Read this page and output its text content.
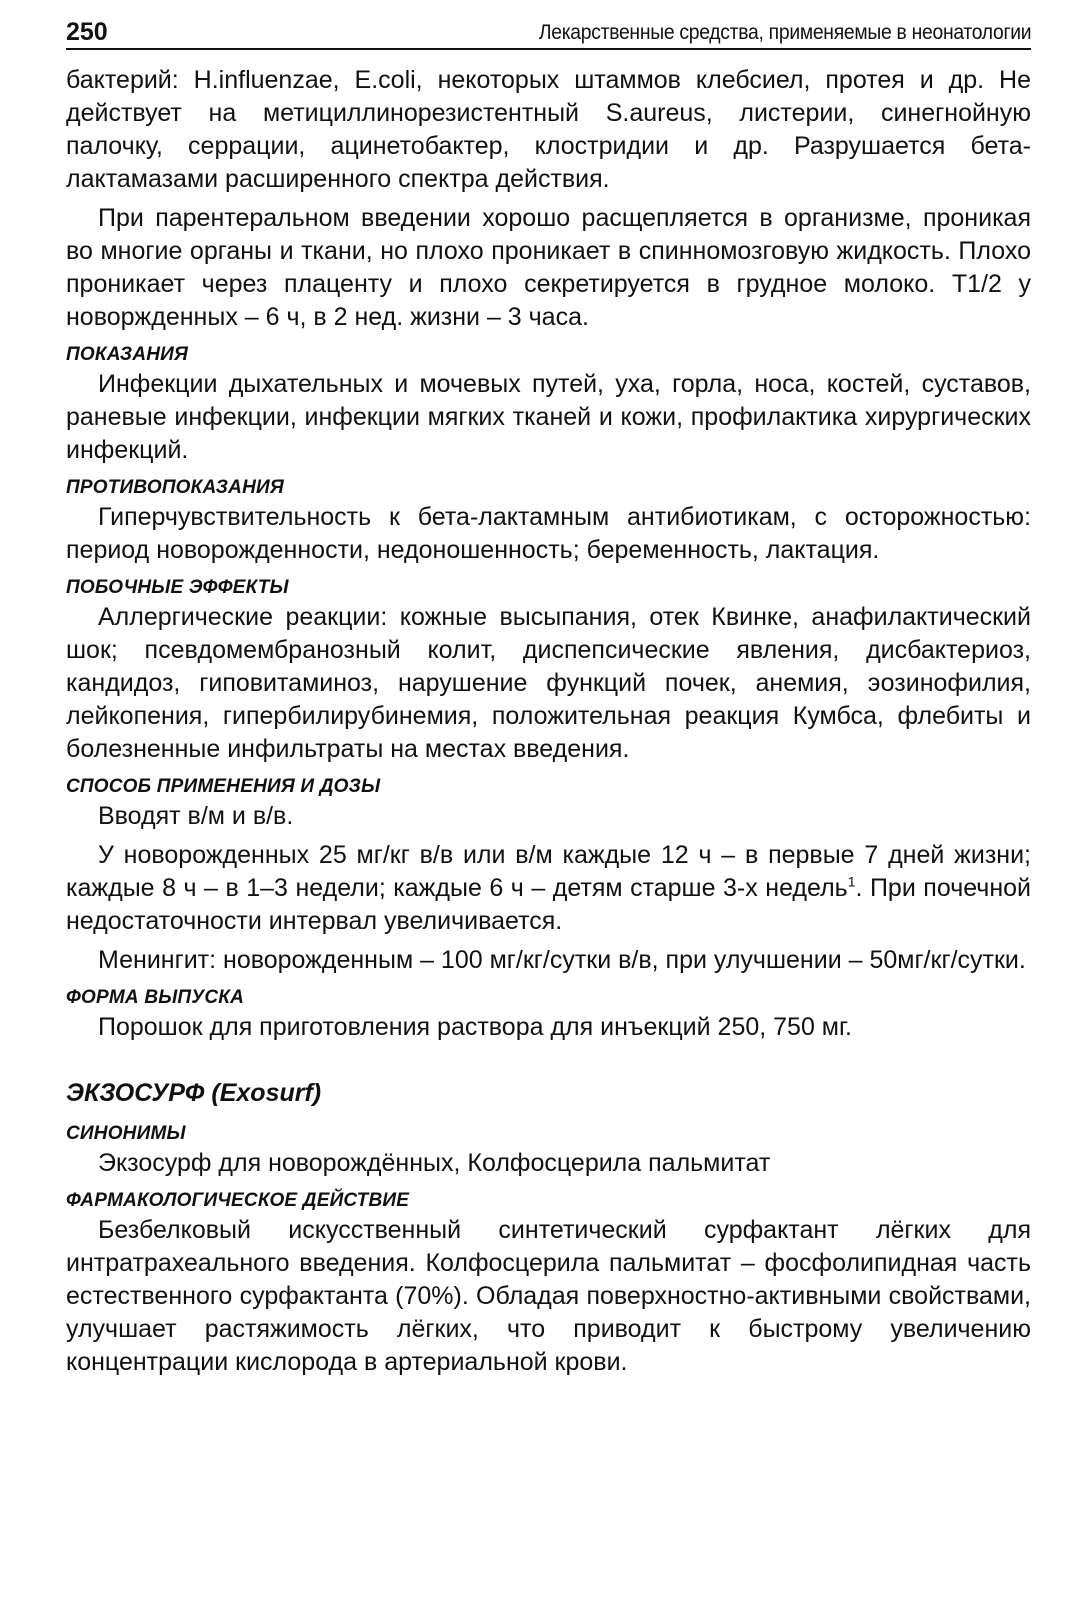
250	Лекарственные средства, применяемые в неонатологии

бактерий: H.influenzae, E.coli, некоторых штаммов клебсиел, протея и др. Не действует на метициллинорезистентный S.aureus, листерии, синегнойную палочку, серрации, ацинетобактер, клостридии и др. Разрушается бета-лактамазами расширенного спектра действия.

При парентеральном введении хорошо расщепляется в организме, проникая во многие органы и ткани, но плохо проникает в спинномозговую жидкость. Плохо проникает через плаценту и плохо секретируется в грудное молоко. T1/2 у новоржденных – 6 ч, в 2 нед. жизни – 3 часа.

ПОКАЗАНИЯ

Инфекции дыхательных и мочевых путей, уха, горла, носа, костей, суставов, раневые инфекции, инфекции мягких тканей и кожи, профилактика хирургических инфекций.

ПРОТИВОПОКАЗАНИЯ

Гиперчувствительность к бета-лактамным антибиотикам, с осторожностью: период новорожденности, недоношенность; беременность, лактация.

ПОБОЧНЫЕ ЭФФЕКТЫ

Аллергические реакции: кожные высыпания, отек Квинке, анафилактический шок; псевдомембранозный колит, диспепсические явления, дисбактериоз, кандидоз, гиповитаминоз, нарушение функций почек, анемия, эозинофилия, лейкопения, гипербилирубинемия, положительная реакция Кумбса, флебиты и болезненные инфильтраты на местах введения.

СПОСОБ ПРИМЕНЕНИЯ И ДОЗЫ

Вводят в/м и в/в.

У новорожденных 25 мг/кг в/в или в/м каждые 12 ч – в первые 7 дней жизни; каждые 8 ч – в 1–3 недели; каждые 6 ч – детям старше 3-х недель$^1$. При почечной недостаточности интервал увеличивается.

Менингит: новорожденным – 100 мг/кг/сутки в/в, при улучшении – 50мг/кг/сутки.

ФОРМА ВЫПУСКА

Порошок для приготовления раствора для инъекций 250, 750 мг.

ЭКЗОСУРФ (Exosurf)
СИНОНИМЫ

Экзосурф для новорождённых, Колфосцерила пальмитат

ФАРМАКОЛОГИЧЕСКОЕ ДЕЙСТВИЕ

Безбелковый искусственный синтетический сурфактант лёгких для интратрахеального введения. Колфосцерила пальмитат – фосфолипидная часть естественного сурфактанта (70%). Обладая поверхностно-активными свойствами, улучшает растяжимость лёгких, что приводит к быстрому увеличению концентрации кислорода в артериальной крови.
